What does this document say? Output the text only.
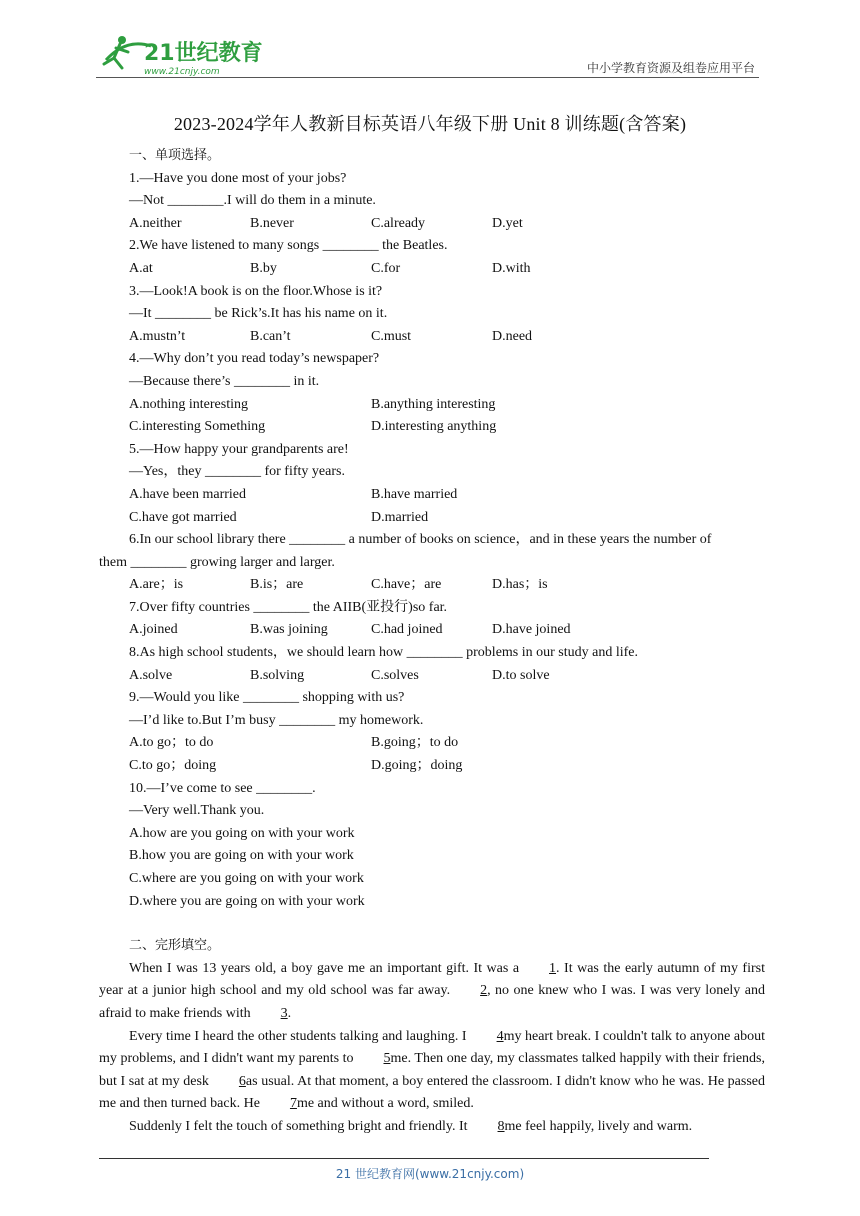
21世纪教育
www.21cnjy.com	中小学教育资源及组卷应用平台
2023-2024学年人教新目标英语八年级下册 Unit 8 训练题(含答案)
一、单项选择。
1.—Have you done most of your jobs?
—Not ________.I will do them in a minute.
A.neither	B.never	C.already	D.yet
2.We have listened to many songs ________ the Beatles.
A.at	B.by	C.for	D.with
3.—Look!A book is on the floor.Whose is it?
—It ________ be Rick’s.It has his name on it.
A.mustn’t	B.can’t	C.must	D.need
4.—Why don’t you read today’s newspaper?
—Because there’s ________ in it.
A.nothing interesting	B.anything interesting
C.interesting Something	D.interesting anything
5.—How happy your grandparents are!
—Yes，they ________ for fifty years.
A.have been married	B.have married
C.have got married	D.married
6.In our school library there ________ a number of books on science，and in these years the number of
them ________ growing larger and larger.
A.are；is	B.is；are	C.have；are	D.has；is
7.Over fifty countries ________ the AIIB(亚投行)so far.
A.joined	B.was joining	C.had joined	D.have joined
8.As high school students，we should learn how ________ problems in our study and life.
A.solve	B.solving	C.solves	D.to solve
9.—Would you like ________ shopping with us?
—I’d like to.But I’m busy ________ my homework.
A.to go；to do	B.going；to do
C.to go；doing	D.going；doing
10.—I’ve come to see ________.
—Very well.Thank you.
A.how are you going on with your work
B.how you are going on with your work
C.where are you going on with your work
D.where you are going on with your work
二、完形填空。
When I was 13 years old, a boy gave me an important gift. It was a 1. It was the early autumn of my first year at a junior high school and my old school was far away. 2, no one knew who I was. I was very lonely and afraid to make friends with 3.
Every time I heard the other students talking and laughing. I 4my heart break. I couldn't talk to anyone about my problems, and I didn't want my parents to 5me. Then one day, my classmates talked happily with their friends, but I sat at my desk 6as usual. At that moment, a boy entered the classroom. I didn't know who he was. He passed me and then turned back. He 7me and without a word, smiled.
Suddenly I felt the touch of something bright and friendly. It 8me feel happily, lively and warm.
21 世纪教育网(www.21cnjy.com)
